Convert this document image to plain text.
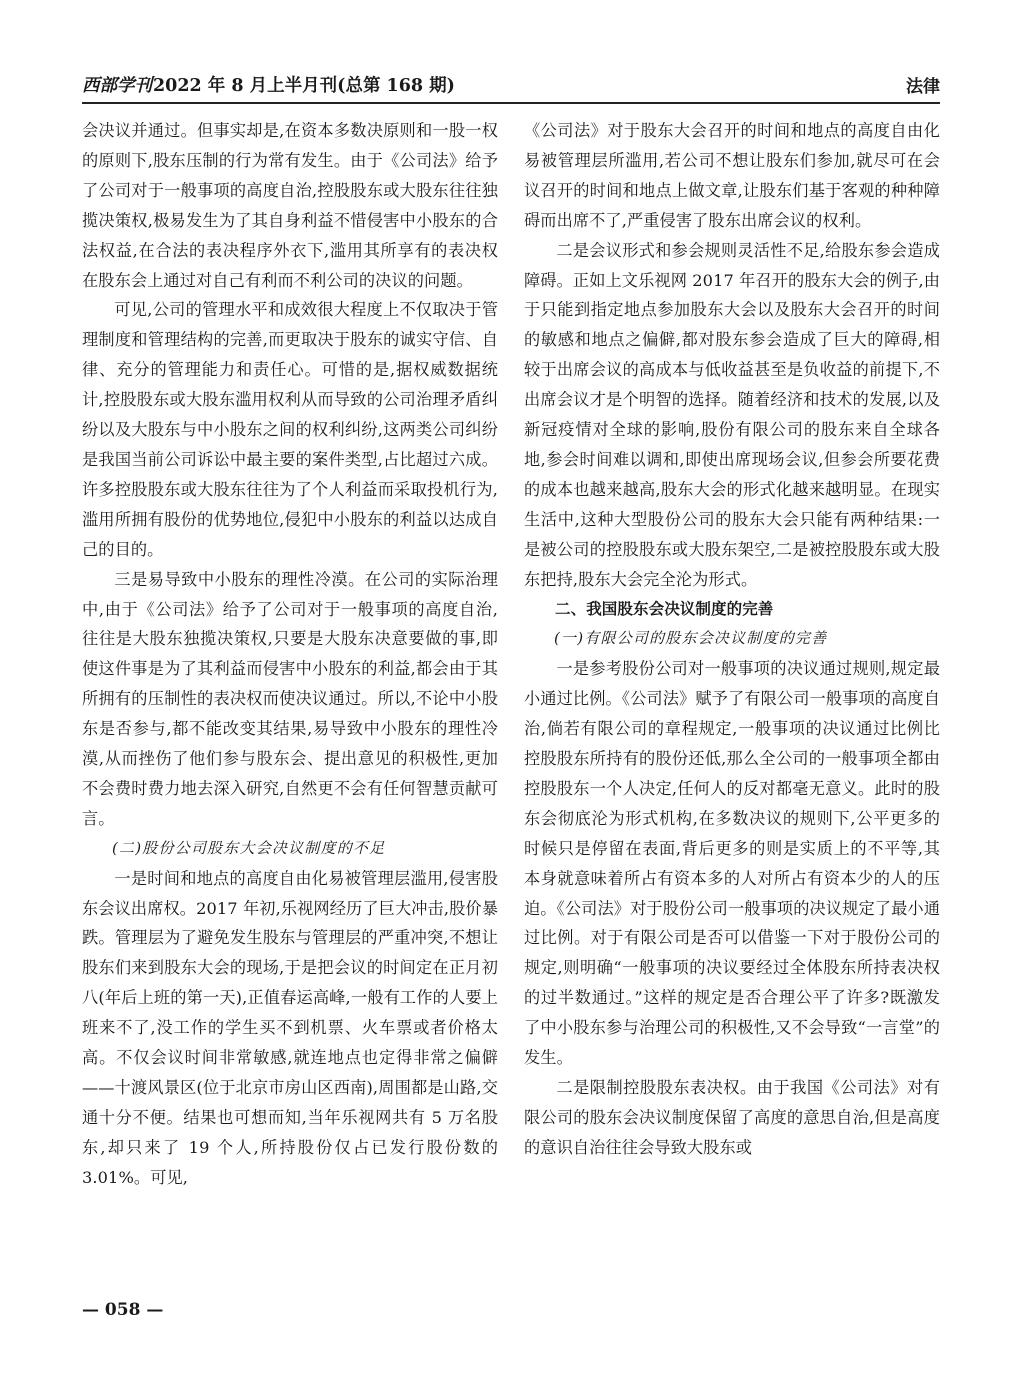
西部学刊2022 年 8 月上半月刊(总第 168 期)	法律

会决议并通过。但事实却是,在资本多数决原则和一股一权的原则下,股东压制的行为常有发生。由于《公司法》给予了公司对于一般事项的高度自治,控股股东或大股东往往独揽决策权,极易发生为了其自身利益不惜侵害中小股东的合法权益,在合法的表决程序外衣下,滥用其所享有的表决权在股东会上通过对自己有利而不利公司的决议的问题。

可见,公司的管理水平和成效很大程度上不仅取决于管理制度和管理结构的完善,而更取决于股东的诚实守信、自律、充分的管理能力和责任心。可惜的是,据权威数据统计,控股股东或大股东滥用权利从而导致的公司治理矛盾纠纷以及大股东与中小股东之间的权利纠纷,这两类公司纠纷是我国当前公司诉讼中最主要的案件类型,占比超过六成。许多控股股东或大股东往往为了个人利益而采取投机行为,滥用所拥有股份的优势地位,侵犯中小股东的利益以达成自己的目的。

三是易导致中小股东的理性冷漠。在公司的实际治理中,由于《公司法》给予了公司对于一般事项的高度自治,往往是大股东独揽决策权,只要是大股东决意要做的事,即使这件事是为了其利益而侵害中小股东的利益,都会由于其所拥有的压制性的表决权而使决议通过。所以,不论中小股东是否参与,都不能改变其结果,易导致中小股东的理性冷漠,从而挫伤了他们参与股东会、提出意见的积极性,更加不会费时费力地去深入研究,自然更不会有任何智慧贡献可言。

(二)股份公司股东大会决议制度的不足

一是时间和地点的高度自由化易被管理层滥用,侵害股东会议出席权。2017 年初,乐视网经历了巨大冲击,股价暴跌。管理层为了避免发生股东与管理层的严重冲突,不想让股东们来到股东大会的现场,于是把会议的时间定在正月初八(年后上班的第一天),正值春运高峰,一般有工作的人要上班来不了,没工作的学生买不到机票、火车票或者价格太高。不仅会议时间非常敏感,就连地点也定得非常之偏僻——十渡风景区(位于北京市房山区西南),周围都是山路,交通十分不便。结果也可想而知,当年乐视网共有 5 万名股东,却只来了 19 个人,所持股份仅占已发行股份数的 3.01%。可见,

《公司法》对于股东大会召开的时间和地点的高度自由化易被管理层所滥用,若公司不想让股东们参加,就尽可在会议召开的时间和地点上做文章,让股东们基于客观的种种障碍而出席不了,严重侵害了股东出席会议的权利。

二是会议形式和参会规则灵活性不足,给股东参会造成障碍。正如上文乐视网 2017 年召开的股东大会的例子,由于只能到指定地点参加股东大会以及股东大会召开的时间的敏感和地点之偏僻,都对股东参会造成了巨大的障碍,相较于出席会议的高成本与低收益甚至是负收益的前提下,不出席会议才是个明智的选择。随着经济和技术的发展,以及新冠疫情对全球的影响,股份有限公司的股东来自全球各地,参会时间难以调和,即使出席现场会议,但参会所要花费的成本也越来越高,股东大会的形式化越来越明显。在现实生活中,这种大型股份公司的股东大会只能有两种结果:一是被公司的控股股东或大股东架空,二是被控股股东或大股东把持,股东大会完全沦为形式。

二、我国股东会决议制度的完善

(一)有限公司的股东会决议制度的完善

一是参考股份公司对一般事项的决议通过规则,规定最小通过比例。《公司法》赋予了有限公司一般事项的高度自治,倘若有限公司的章程规定,一般事项的决议通过比例比控股股东所持有的股份还低,那么全公司的一般事项全都由控股股东一个人决定,任何人的反对都毫无意义。此时的股东会彻底沦为形式机构,在多数决议的规则下,公平更多的时候只是停留在表面,背后更多的则是实质上的不平等,其本身就意味着所占有资本多的人对所占有资本少的人的压迫。《公司法》对于股份公司一般事项的决议规定了最小通过比例。对于有限公司是否可以借鉴一下对于股份公司的规定,则明确“一般事项的决议要经过全体股东所持表决权的过半数通过。”这样的规定是否合理公平了许多?既激发了中小股东参与治理公司的积极性,又不会导致“一言堂”的发生。

二是限制控股股东表决权。由于我国《公司法》对有限公司的股东会决议制度保留了高度的意思自治,但是高度的意识自治往往会导致大股东或

— 058 —
